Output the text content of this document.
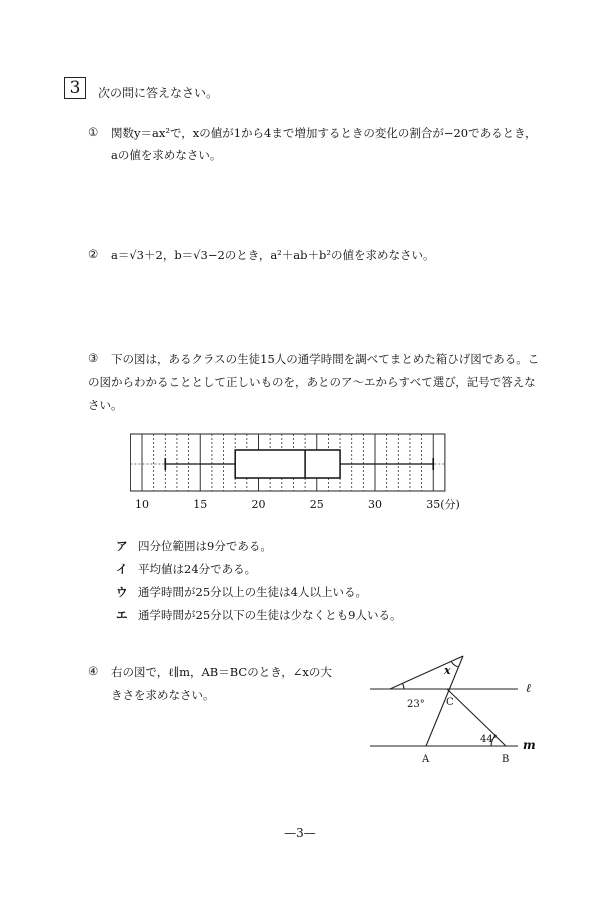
3	次の問に答えなさい。
① 関数y＝ax²で，xの値が1から4まで増加するときの変化の割合が−20であるとき，
aの値を求めなさい。
② a＝√3＋2，b＝√3−2のとき，a²＋ab＋b²の値を求めなさい。
③ 下の図は，あるクラスの生徒15人の通学時間を調べてまとめた箱ひげ図である。こ
の図からわかることとして正しいものを，あとのア〜エからすべて選び，記号で答えな
さい。
10	15	20	25	30	35(分)
ア 四分位範囲は9分である。
イ 平均値は24分である。
ウ 通学時間が25分以上の生徒は4人以上いる。
エ 通学時間が25分以下の生徒は少なくとも9人いる。
④ 右の図で，ℓ∥m，AB＝BCのとき，∠xの大
きさを求めなさい。
x
23° C
44°
ℓ
m
A	B
—3—
